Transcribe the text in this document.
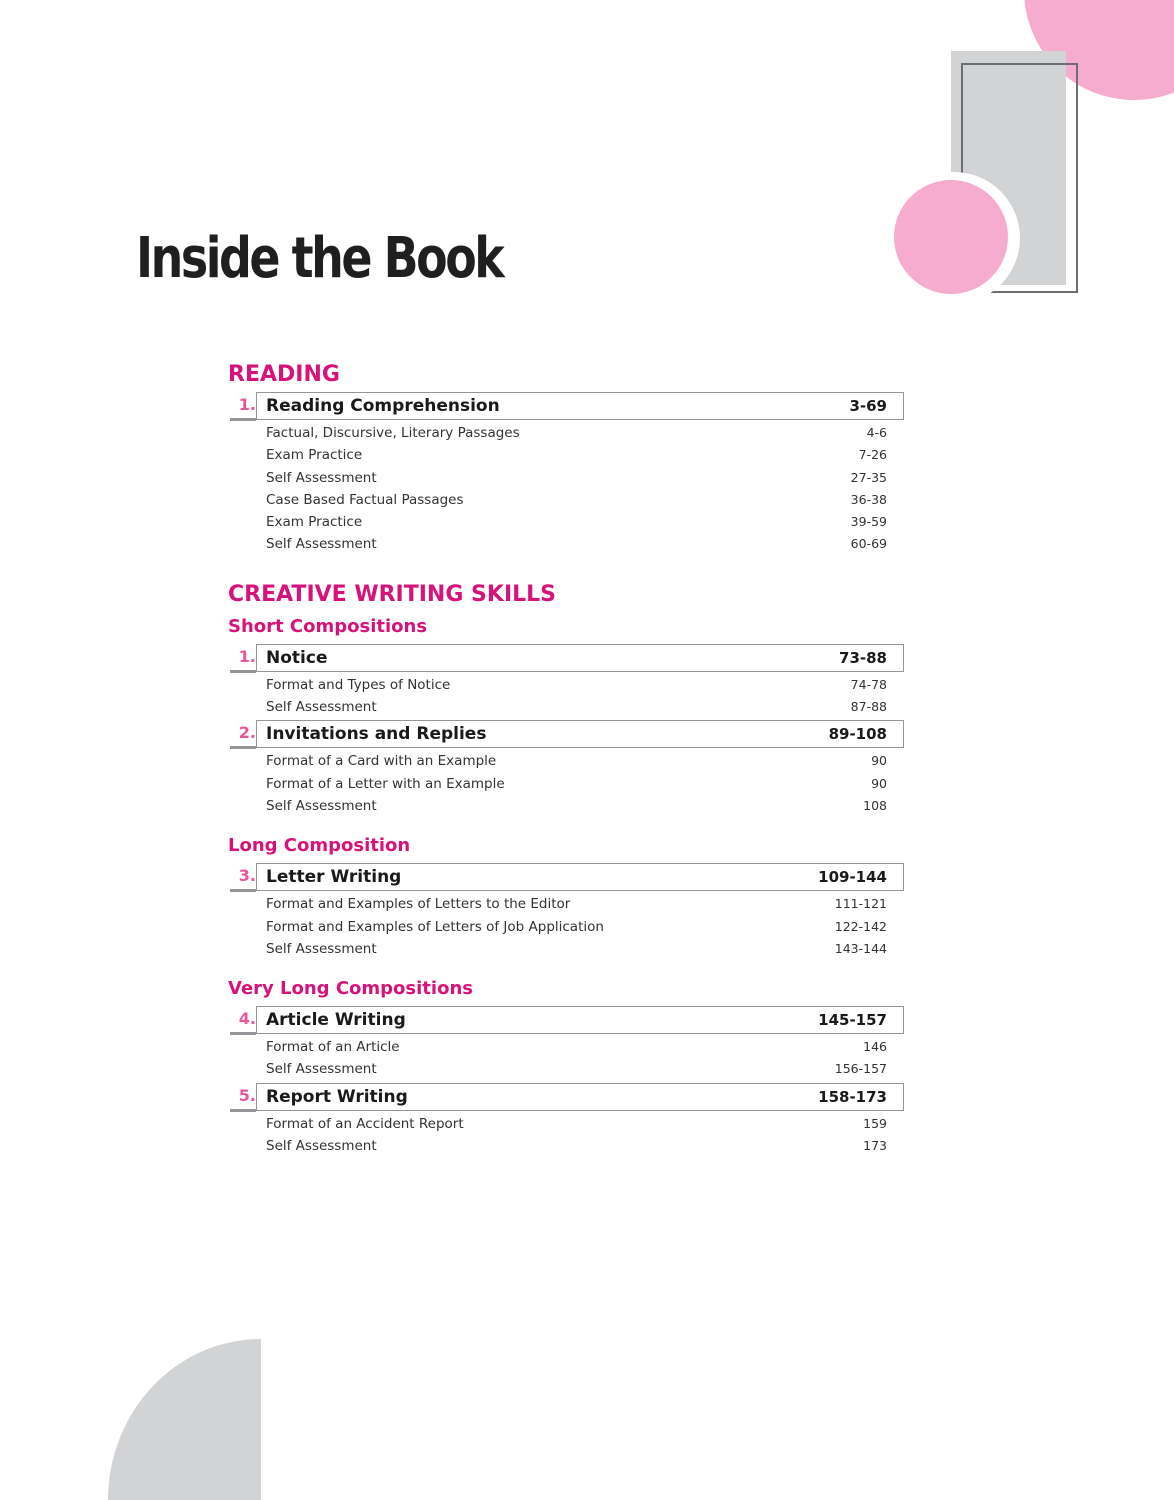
Inside the Book
READING
1. Reading Comprehension	3-69
Factual, Discursive, Literary Passages	4-6
Exam Practice	7-26
Self Assessment	27-35
Case Based Factual Passages	36-38
Exam Practice	39-59
Self Assessment	60-69
CREATIVE WRITING SKILLS
Short Compositions
1. Notice	73-88
Format and Types of Notice	74-78
Self Assessment	87-88
2. Invitations and Replies	89-108
Format of a Card with an Example	90
Format of a Letter with an Example	90
Self Assessment	108
Long Composition
3. Letter Writing	109-144
Format and Examples of Letters to the Editor	111-121
Format and Examples of Letters of Job Application	122-142
Self Assessment	143-144
Very Long Compositions
4. Article Writing	145-157
Format of an Article	146
Self Assessment	156-157
5. Report Writing	158-173
Format of an Accident Report	159
Self Assessment	173
